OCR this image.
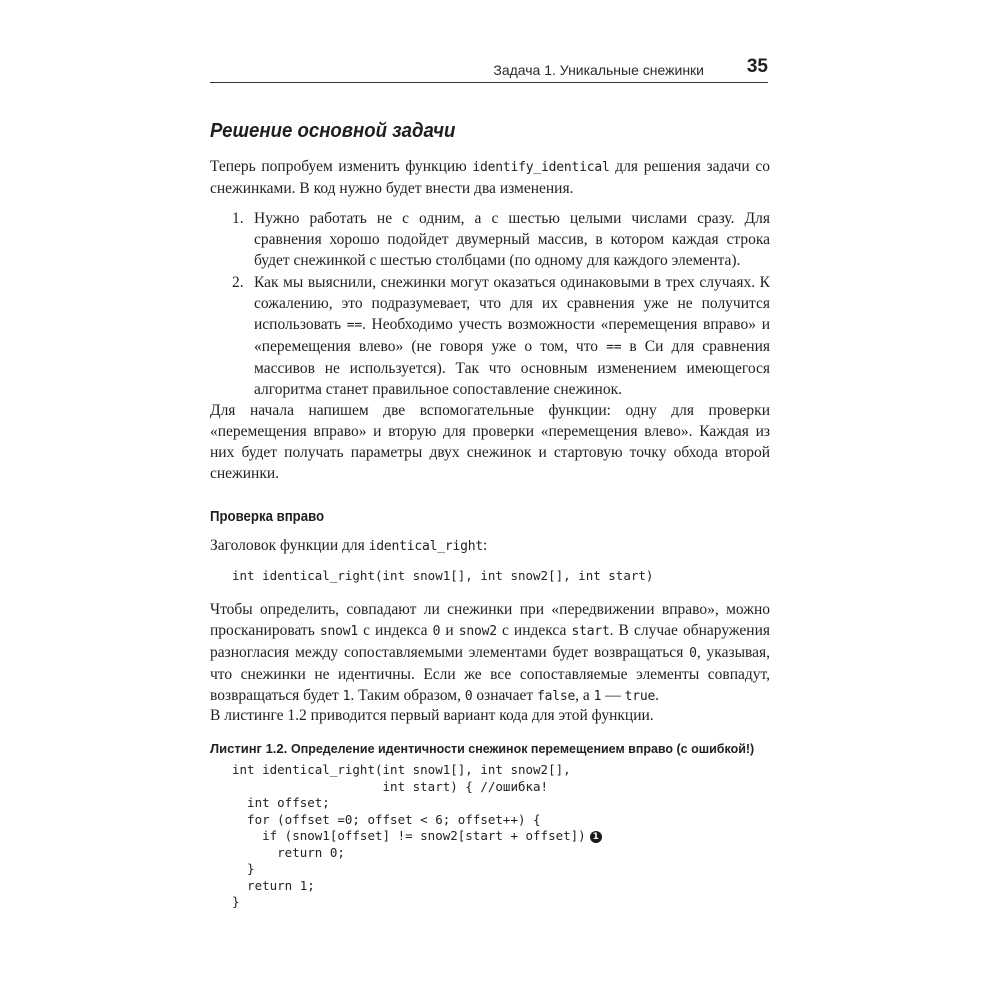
Задача 1. Уникальные снежинки 35
Решение основной задачи
Теперь попробуем изменить функцию identify_identical для решения задачи со снежинками. В код нужно будет внести два изменения.
1. Нужно работать не с одним, а с шестью целыми числами сразу. Для сравнения хорошо подойдет двумерный массив, в котором каждая строка будет снежинкой с шестью столбцами (по одному для каждого элемента).
2. Как мы выяснили, снежинки могут оказаться одинаковыми в трех случаях. К сожалению, это подразумевает, что для их сравнения уже не получится использовать ==. Необходимо учесть возможности «перемещения вправо» и «перемещения влево» (не говоря уже о том, что == в Си для сравнения массивов не используется). Так что основным изменением имеющегося алгоритма станет правильное сопоставление снежинок.
Для начала напишем две вспомогательные функции: одну для проверки «перемещения вправо» и вторую для проверки «перемещения влево». Каждая из них будет получать параметры двух снежинок и стартовую точку обхода второй снежинки.
Проверка вправо
Заголовок функции для identical_right:
int identical_right(int snow1[], int snow2[], int start)
Чтобы определить, совпадают ли снежинки при «передвижении вправо», можно просканировать snow1 с индекса 0 и snow2 с индекса start. В случае обнаружения разногласия между сопоставляемыми элементами будет возвращаться 0, указывая, что снежинки не идентичны. Если же все сопоставляемые элементы совпадут, возвращаться будет 1. Таким образом, 0 означает false, а 1 — true.
В листинге 1.2 приводится первый вариант кода для этой функции.
Листинг 1.2. Определение идентичности снежинок перемещением вправо (с ошибкой!)
int identical_right(int snow1[], int snow2[],
int start) { //ошибка!
int offset;
for (offset =0; offset < 6; offset++) {
if (snow1[offset] != snow2[start + offset]) 1
return 0;
}
return 1;
}
